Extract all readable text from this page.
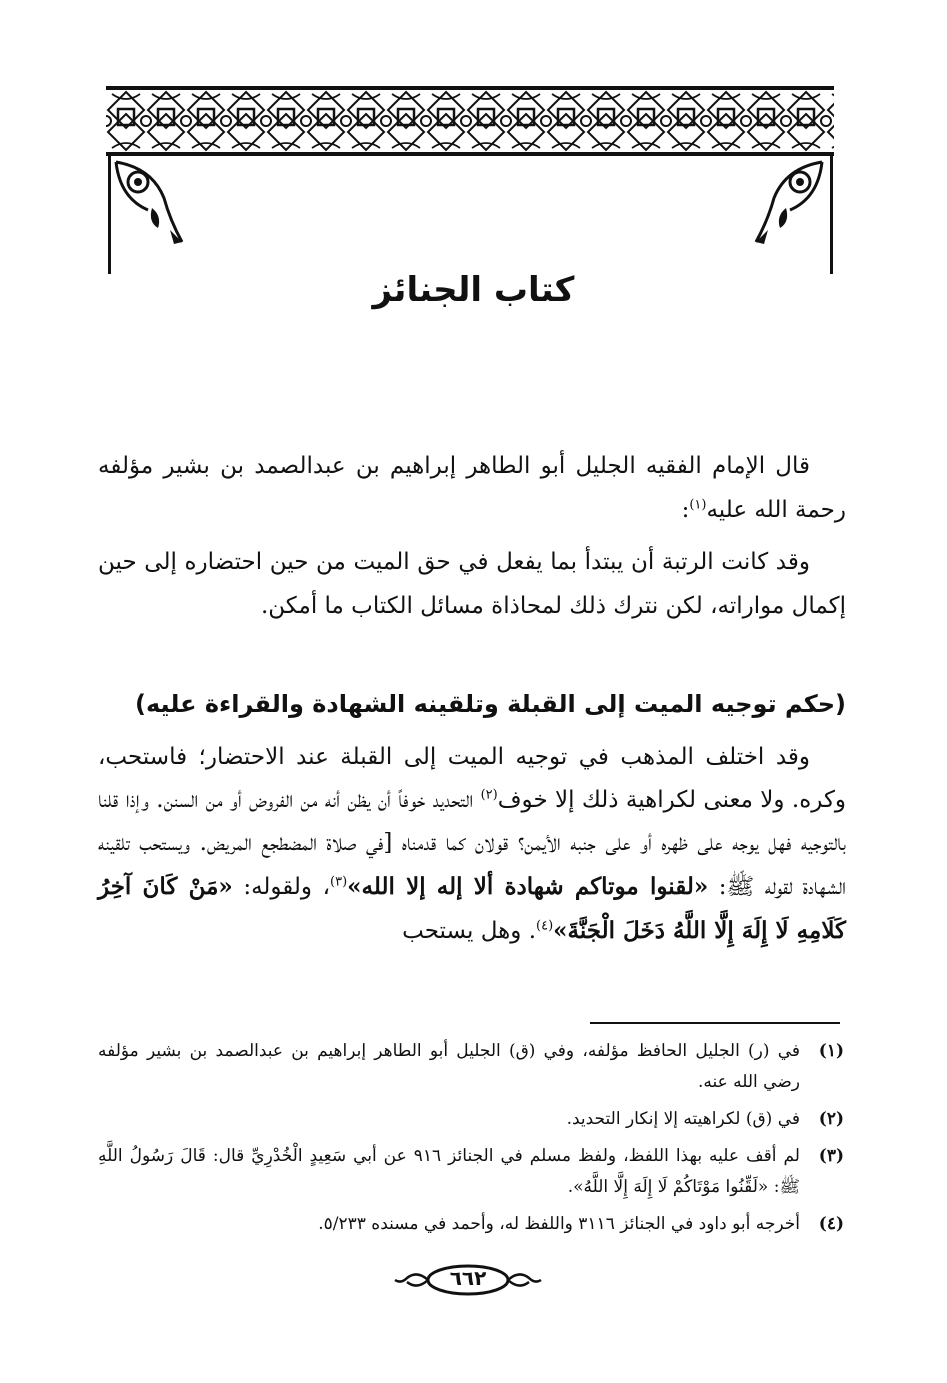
كتاب الجنائز
قال الإمام الفقيه الجليل أبو الطاهر إبراهيم بن عبدالصمد بن بشير مؤلفه رحمة الله عليه$^{(١)}$:
وقد كانت الرتبة أن يبتدأ بما يفعل في حق الميت من حين احتضاره إلى حين إكمال مواراته، لكن نترك ذلك لمحاذاة مسائل الكتاب ما أمكن.
(حكم توجيه الميت إلى القبلة وتلقينه الشهادة والقراءة عليه)
وقد اختلف المذهب في توجيه الميت إلى القبلة عند الاحتضار؛ فاستحب، وكره. ولا معنى لكراهية ذلك إلا خوف$^{(٢)}$ التحديد خوفاً أن يظن أنه من الفروض أو من السنن. وإذا قلنا بالتوجيه فهل يوجه على ظهره أو على جنبه الأيمن؟ قولان كما قدمناه [في صلاة المضطجع المريض. ويستحب تلقينه الشهادة لقوله ﷺ: «لقنوا موتاكم شهادة ألا إله إلا الله»$^{(٣)}$، ولقوله: «مَنْ كَانَ آخِرُ كَلَامِهِ لَا إِلَهَ إِلَّا اللَّهُ دَخَلَ الْجَنَّةَ»$^{(٤)}$. وهل يستحب
(١)
في (ر) الجليل الحافظ مؤلفه، وفي (ق) الجليل أبو الطاهر إبراهيم بن عبدالصمد بن بشير مؤلفه رضي الله عنه.
(٢)
في (ق) لكراهيته إلا إنكار التحديد.
(٣)
لم أقف عليه بهذا اللفظ، ولفظ مسلم في الجنائز ٩١٦ عن أبي سَعِيدٍ الْخُدْرِيِّ قال: قَالَ رَسُولُ اللَّهِ ﷺ: «لَقِّنُوا مَوْتَاكُمْ لَا إِلَهَ إِلَّا اللَّهُ».
(٤)
أخرجه أبو داود في الجنائز ٣١١٦ واللفظ له، وأحمد في مسنده ٥/٢٣٣.
٦٦٢
